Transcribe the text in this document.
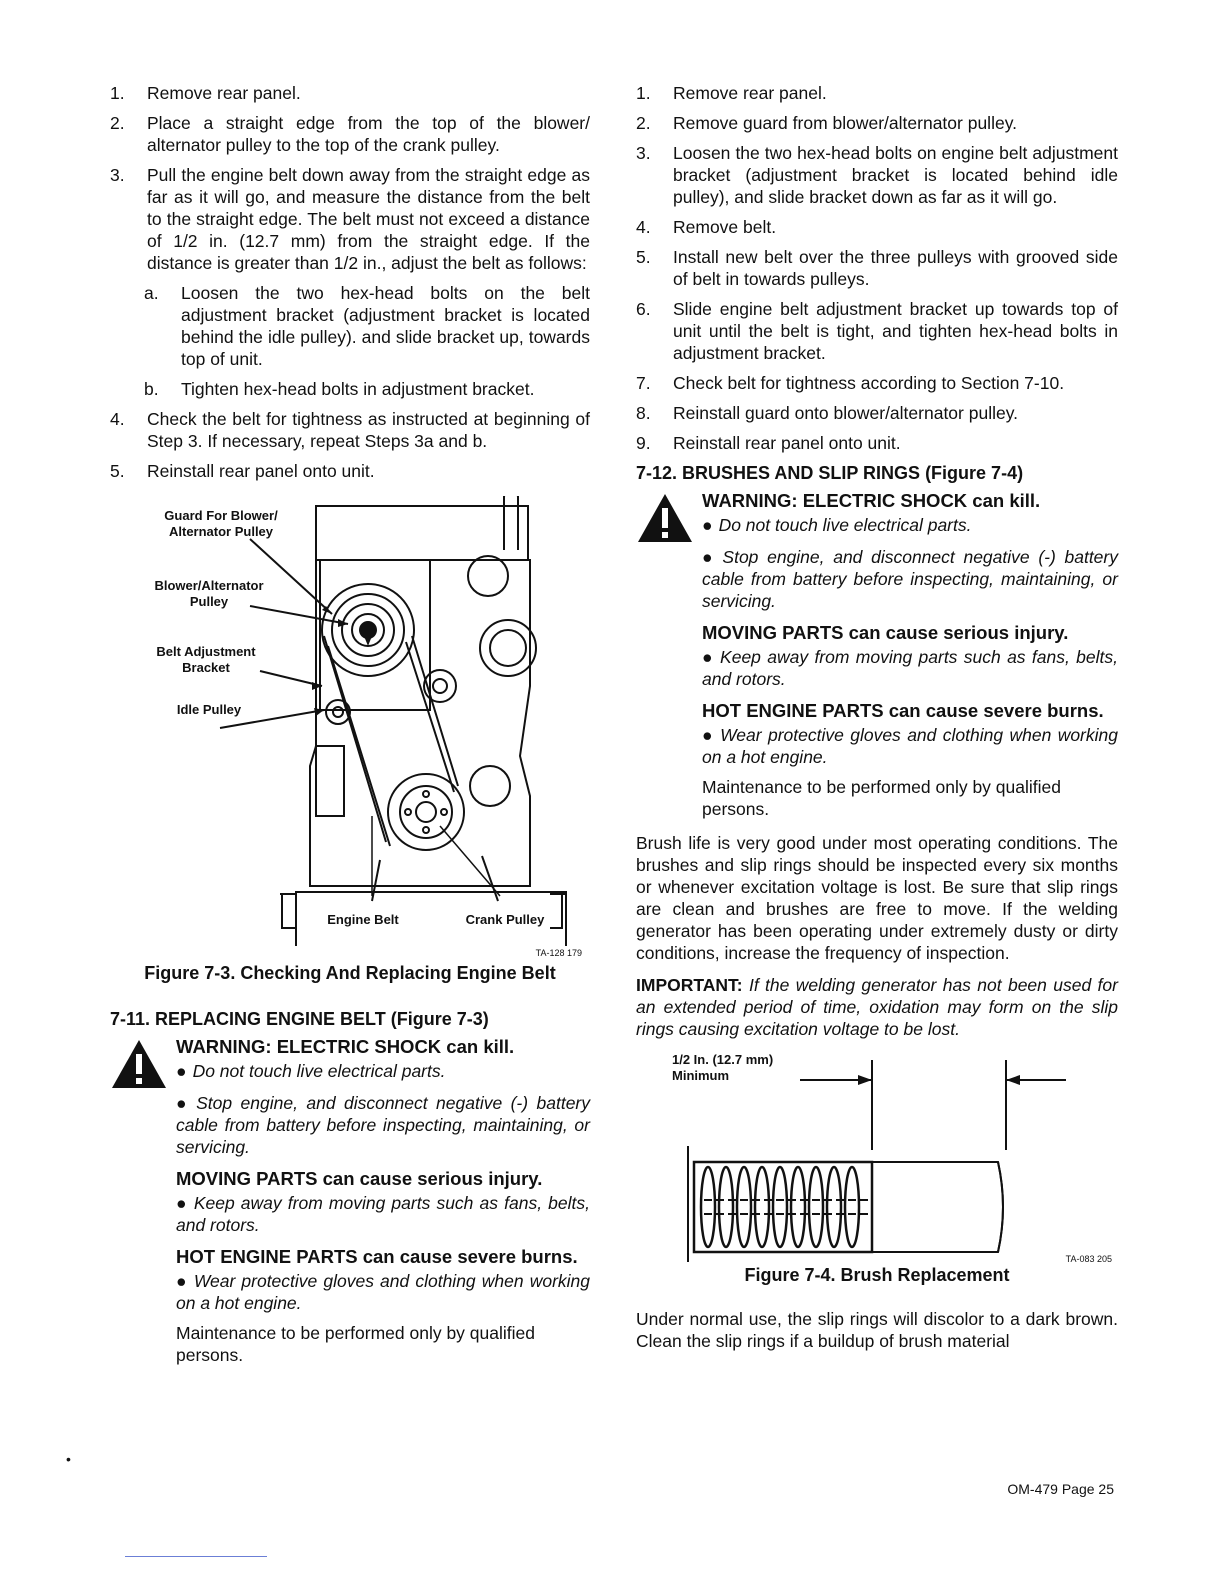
1. Remove rear panel.
2. Place a straight edge from the top of the blower/ alternator pulley to the top of the crank pulley.
3. Pull the engine belt down away from the straight edge as far as it will go, and measure the distance from the belt to the straight edge. The belt must not exceed a distance of 1/2 in. (12.7 mm) from the straight edge. If the distance is greater than 1/2 in., adjust the belt as follows:
a. Loosen the two hex-head bolts on the belt adjustment bracket (adjustment bracket is located behind the idle pulley). and slide bracket up, towards top of unit.
b. Tighten hex-head bolts in adjustment bracket.
4. Check the belt for tightness as instructed at beginning of Step 3. If necessary, repeat Steps 3a and b.
5. Reinstall rear panel onto unit.
Guard For Blower/ Alternator Pulley
Blower/Alternator Pulley
Belt Adjustment Bracket
Idle Pulley
Engine Belt	Crank Pulley
TA-128 179
Figure 7-3. Checking And Replacing Engine Belt
7-11. REPLACING ENGINE BELT (Figure 7-3)
WARNING: ELECTRIC SHOCK can kill.
● Do not touch live electrical parts.
● Stop engine, and disconnect negative (-) battery cable from battery before inspecting, maintaining, or servicing.
MOVING PARTS can cause serious injury.
● Keep away from moving parts such as fans, belts, and rotors.
HOT ENGINE PARTS can cause severe burns.
● Wear protective gloves and clothing when working on a hot engine.

Maintenance to be performed only by qualified persons.

1. Remove rear panel.
2. Remove guard from blower/alternator pulley.
3. Loosen the two hex-head bolts on engine belt adjustment bracket (adjustment bracket is located behind idle pulley), and slide bracket down as far as it will go.
4. Remove belt.
5. Install new belt over the three pulleys with grooved side of belt in towards pulleys.
6. Slide engine belt adjustment bracket up towards top of unit until the belt is tight, and tighten hex-head bolts in adjustment bracket.
7. Check belt for tightness according to Section 7-10.
8. Reinstall guard onto blower/alternator pulley.
9. Reinstall rear panel onto unit.
7-12. BRUSHES AND SLIP RINGS (Figure 7-4)
WARNING: ELECTRIC SHOCK can kill.
● Do not touch live electrical parts.
● Stop engine, and disconnect negative (-) battery cable from battery before inspecting, maintaining, or servicing.
MOVING PARTS can cause serious injury.
● Keep away from moving parts such as fans, belts, and rotors.
HOT ENGINE PARTS can cause severe burns.
● Wear protective gloves and clothing when working on a hot engine.

Maintenance to be performed only by qualified persons.

Brush life is very good under most operating conditions. The brushes and slip rings should be inspected every six months or whenever excitation voltage is lost. Be sure that slip rings are clean and brushes are free to move. If the welding generator has been operating under extremely dusty or dirty conditions, increase the frequency of inspection.

IMPORTANT: If the welding generator has not been used for an extended period of time, oxidation may form on the slip rings causing excitation voltage to be lost.

1/2 In. (12.7 mm) Minimum
TA-083 205
Figure 7-4. Brush Replacement

Under normal use, the slip rings will discolor to a dark brown. Clean the slip rings if a buildup of brush material

•
OM-479 Page 25
